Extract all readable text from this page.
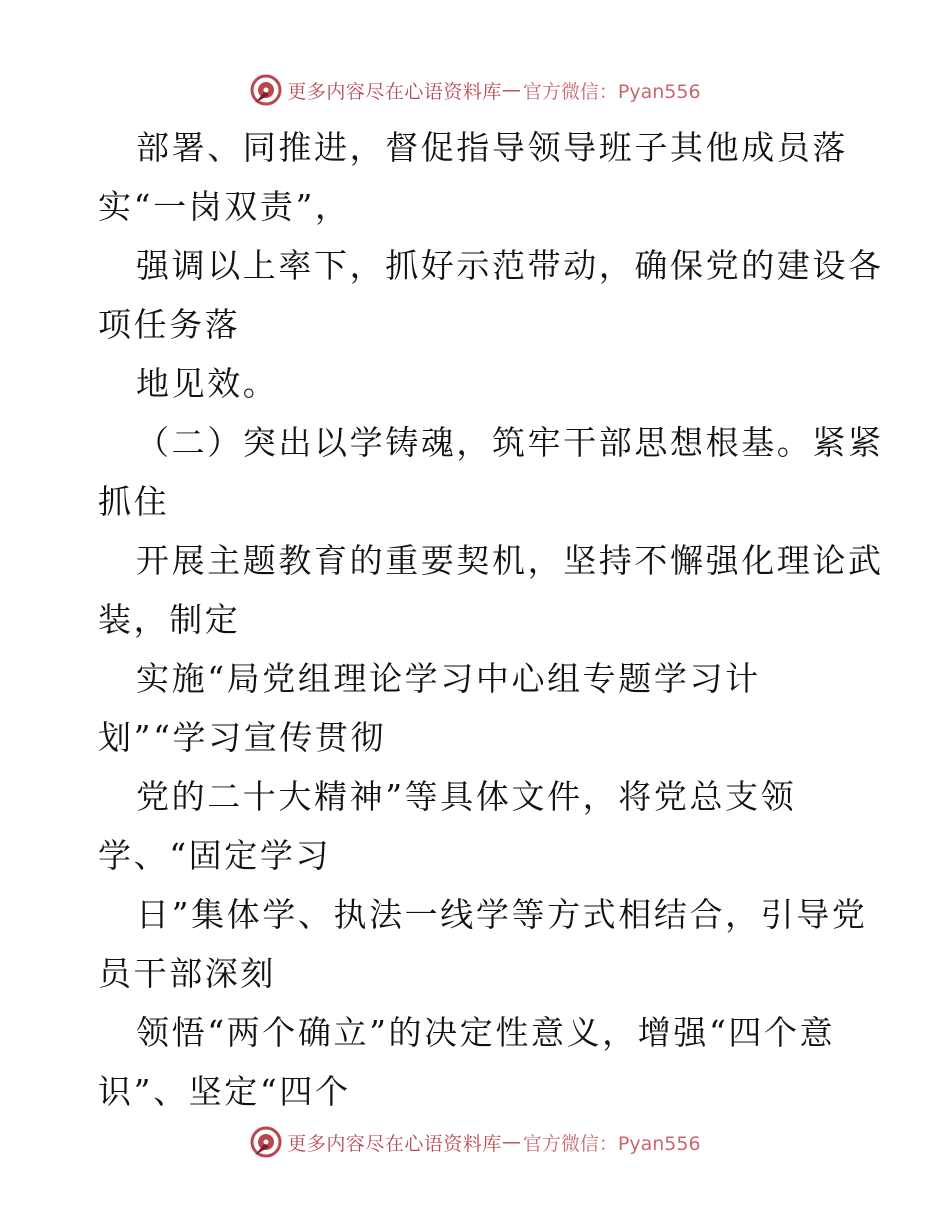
更多内容尽在心语资料库 — 官方微信：Pyan556
部署、同推进，督促指导领导班子其他成员落
实“一岗双责”，
强调以上率下，抓好示范带动，确保党的建设各
项任务落
地见效。
（二）突出以学铸魂，筑牢干部思想根基。紧紧
抓住
开展主题教育的重要契机，坚持不懈强化理论武
装，制定
实施“局党组理论学习中心组专题学习计
划”“学习宣传贯彻
党的二十大精神”等具体文件，将党总支领
学、“固定学习
日”集体学、执法一线学等方式相结合，引导党
员干部深刻
领悟“两个确立”的决定性意义，增强“四个意
识”、坚定“四个
更多内容尽在心语资料库 — 官方微信：Pyan556
